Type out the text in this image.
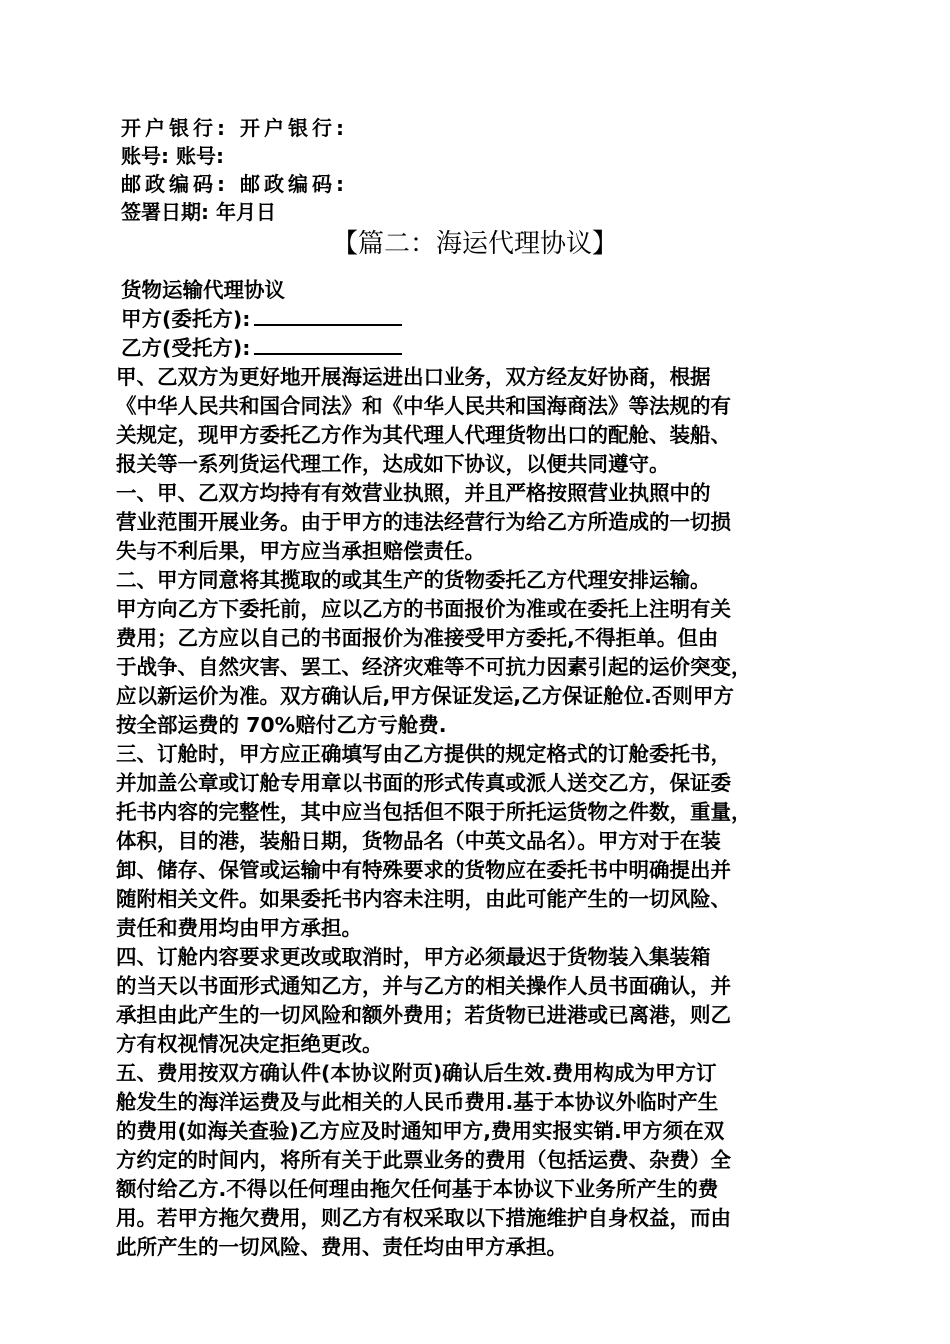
开户银行: 开户银行:
账号: 账号:
邮政编码: 邮政编码:
签署日期: 年月日
【篇二：海运代理协议】
货物运输代理协议
甲方(委托方):
乙方(受托方):
甲、乙双方为更好地开展海运进出口业务，双方经友好协商，根据
《中华人民共和国合同法》和《中华人民共和国海商法》等法规的有
关规定，现甲方委托乙方作为其代理人代理货物出口的配舱、装船、
报关等一系列货运代理工作，达成如下协议，以便共同遵守。
一、甲、乙双方均持有有效营业执照，并且严格按照营业执照中的
营业范围开展业务。由于甲方的违法经营行为给乙方所造成的一切损
失与不利后果，甲方应当承担赔偿责任。
二、甲方同意将其揽取的或其生产的货物委托乙方代理安排运输。
甲方向乙方下委托前，应以乙方的书面报价为准或在委托上注明有关
费用；乙方应以自己的书面报价为准接受甲方委托,不得拒单。但由
于战争、自然灾害、罢工、经济灾难等不可抗力因素引起的运价突变，
应以新运价为准。双方确认后,甲方保证发运,乙方保证舱位.否则甲方
按全部运费的 70%赔付乙方亏舱费.
三、订舱时，甲方应正确填写由乙方提供的规定格式的订舱委托书，
并加盖公章或订舱专用章以书面的形式传真或派人送交乙方，保证委
托书内容的完整性，其中应当包括但不限于所托运货物之件数，重量，
体积，目的港，装船日期，货物品名（中英文品名）。甲方对于在装
卸、储存、保管或运输中有特殊要求的货物应在委托书中明确提出并
随附相关文件。如果委托书内容未注明，由此可能产生的一切风险、
责任和费用均由甲方承担。
四、订舱内容要求更改或取消时，甲方必须最迟于货物装入集装箱
的当天以书面形式通知乙方，并与乙方的相关操作人员书面确认，并
承担由此产生的一切风险和额外费用；若货物已进港或已离港，则乙
方有权视情况决定拒绝更改。
五、费用按双方确认件(本协议附页)确认后生效.费用构成为甲方订
舱发生的海洋运费及与此相关的人民币费用.基于本协议外临时产生
的费用(如海关查验)乙方应及时通知甲方,费用实报实销.甲方须在双
方约定的时间内，将所有关于此票业务的费用（包括运费、杂费）全
额付给乙方.不得以任何理由拖欠任何基于本协议下业务所产生的费
用。若甲方拖欠费用，则乙方有权采取以下措施维护自身权益，而由
此所产生的一切风险、费用、责任均由甲方承担。
